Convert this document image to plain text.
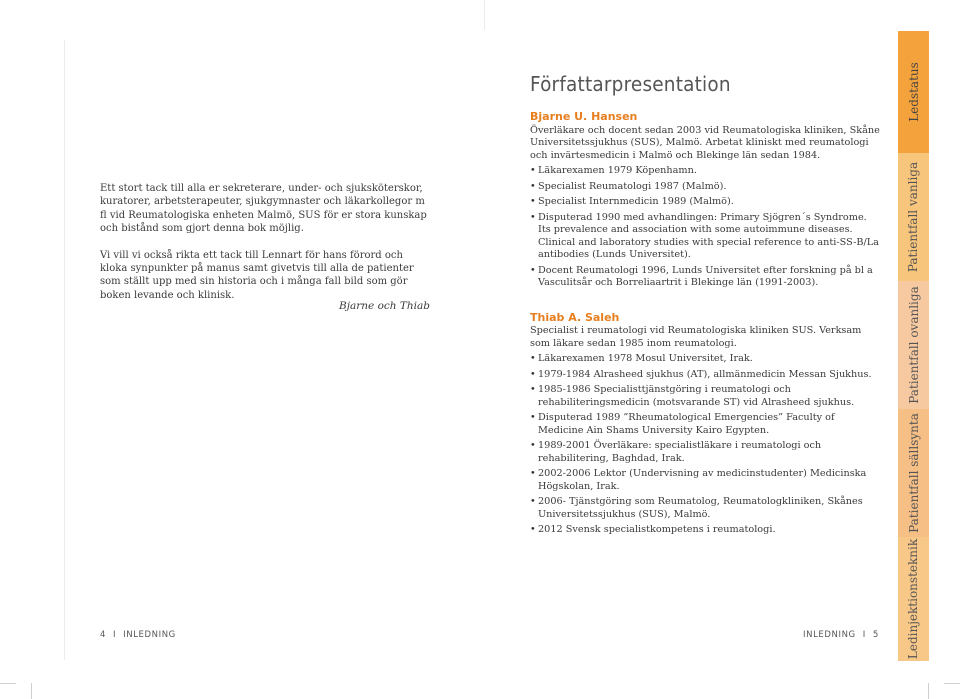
Ett stort tack till alla er sekreterare, under- och sjuksköterskor, kuratorer, arbetsterapeuter, sjukgymnaster och läkarkollegor m fl vid Reumatologiska enheten Malmö, SUS för er stora kunskap och bistånd som gjort denna bok möjlig.

Vi vill vi också rikta ett tack till Lennart för hans förord och kloka synpunkter på manus samt givetvis till alla de patienter som ställt upp med sin historia och i många fall bild som gör boken levande och klinisk.

Bjarne och Thiab
4 I INLEDNING
Författarpresentation
Bjarne U. Hansen
Överläkare och docent sedan 2003 vid Reumatologiska kliniken, Skåne Universitetssjukhus (SUS), Malmö. Arbetat kliniskt med reumatologi och invärtesmedicin i Malmö och Blekinge län sedan 1984.
• Läkarexamen 1979 Köpenhamn.
• Specialist Reumatologi 1987 (Malmö).
• Specialist Internmedicin 1989 (Malmö).
• Disputerad 1990 med avhandlingen: Primary Sjögren´s Syndrome. Its prevalence and association with some autoimmune diseases. Clinical and laboratory studies with special reference to anti-SS-B/La antibodies (Lunds Universitet).
• Docent Reumatologi 1996, Lunds Universitet efter forskning på bl a Vasculitsår och Borreliaartrit i Blekinge län (1991-2003).
Thiab A. Saleh
Specialist i reumatologi vid Reumatologiska kliniken SUS. Verksam som läkare sedan 1985 inom reumatologi.
• Läkarexamen 1978 Mosul Universitet, Irak.
• 1979-1984 Alrasheed sjukhus (AT), allmänmedicin Messan Sjukhus.
• 1985-1986 Specialisttjänstgöring i reumatologi och rehabiliteringsmedicin (motsvarande ST) vid Alrasheed sjukhus.
• Disputerad 1989 ”Rheumatological Emergencies” Faculty of Medicine Ain Shams University Kairo Egypten.
• 1989-2001 Överläkare: specialistläkare i reumatologi och rehabilitering, Baghdad, Irak.
• 2002-2006 Lektor (Undervisning av medicinstudenter) Medicinska Högskolan, Irak.
• 2006- Tjänstgöring som Reumatolog, Reumatologkliniken, Skånes Universitetssjukhus (SUS), Malmö.
• 2012 Svensk specialistkompetens i reumatologi.
INLEDNING I 5
Ledstatus
Patientfall vanliga
Patientfall ovanliga
Patientfall sällsynta
Ledinjektionsteknik
